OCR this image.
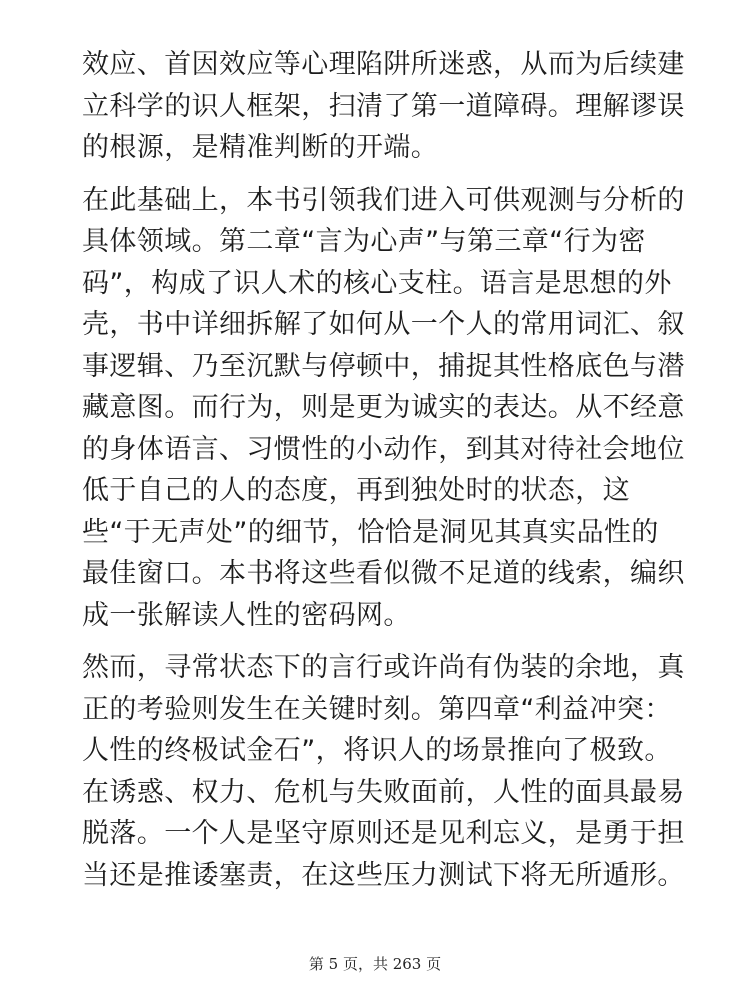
效应、首因效应等心理陷阱所迷惑，从而为后续建
立科学的识人框架，扫清了第一道障碍。理解谬误
的根源，是精准判断的开端。

在此基础上，本书引领我们进入可供观测与分析的
具体领域。第二章“言为心声”与第三章“行为密
码”，构成了识人术的核心支柱。语言是思想的外
壳，书中详细拆解了如何从一个人的常用词汇、叙
事逻辑、乃至沉默与停顿中，捕捉其性格底色与潜
藏意图。而行为，则是更为诚实的表达。从不经意
的身体语言、习惯性的小动作，到其对待社会地位
低于自己的人的态度，再到独处时的状态，这
些“于无声处”的细节，恰恰是洞见其真实品性的
最佳窗口。本书将这些看似微不足道的线索，编织
成一张解读人性的密码网。

然而，寻常状态下的言行或许尚有伪装的余地，真
正的考验则发生在关键时刻。第四章“利益冲突：
人性的终极试金石”，将识人的场景推向了极致。
在诱惑、权力、危机与失败面前，人性的面具最易
脱落。一个人是坚守原则还是见利忘义，是勇于担
当还是推诿塞责，在这些压力测试下将无所遁形。

第 5 页，共 263 页
